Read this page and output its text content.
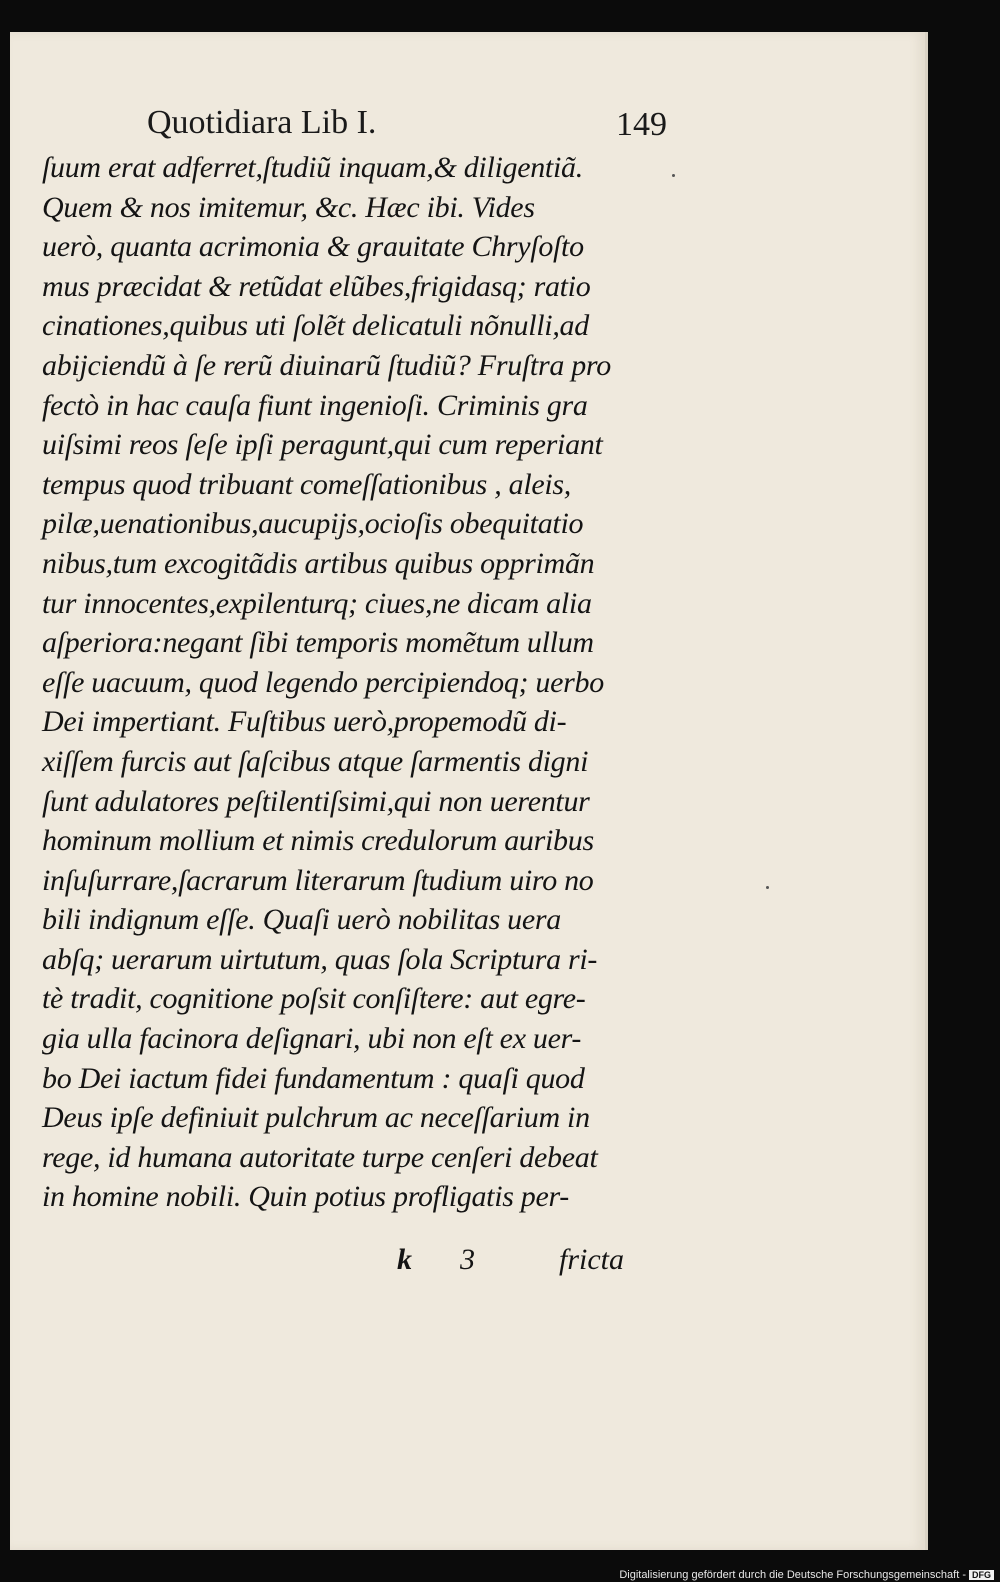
Quotidiara Lib I.	149
ſuum erat adferret,ſtudiũ inquam,& diligentiã.
Quem & nos imitemur, &c. Hæc ibi. Vides
uerò, quanta acrimonia & grauitate Chryſoſto
mus præcidat & retũdat elũbes,frigidasq; ratio
cinationes,quibus uti ſolẽt delicatuli nõnulli,ad
abijciendũ à ſe rerũ diuinarũ ſtudiũ? Fruſtra pro
fectò in hac cauſa fiunt ingenioſi. Criminis gra
uiſsimi reos ſeſe ipſi peragunt,qui cum reperiant
tempus quod tribuant comeſſationibus , aleis,
pilæ,uenationibus,aucupijs,ocioſis obequitatio
nibus,tum excogitãdis artibus quibus opprimãn
tur innocentes,expilenturq; ciues,ne dicam alia
aſperiora:negant ſibi temporis momẽtum ullum
eſſe uacuum, quod legendo percipiendoq; uerbo
Dei impertiant. Fuſtibus uerò,propemodũ di-
xiſſem furcis aut ſaſcibus atque ſarmentis digni
ſunt adulatores peſtilentiſsimi,qui non uerentur
hominum mollium et nimis credulorum auribus
inſuſurrare,ſacrarum literarum ſtudium uiro no
bili indignum eſſe. Quaſi uerò nobilitas uera
abſq; uerarum uirtutum, quas ſola Scriptura ri-
tè tradit, cognitione poſsit conſiſtere: aut egre-
gia ulla facinora deſignari, ubi non eſt ex uer-
bo Dei iactum fidei fundamentum : quaſi quod
Deus ipſe definiuit pulchrum ac neceſſarium in
rege, id humana autoritate turpe cenſeri debeat
in homine nobili. Quin potius profligatis per-
k 3	fricta
Digitalisierung gefördert durch die Deutsche Forschungsgemeinschaft - DFG
